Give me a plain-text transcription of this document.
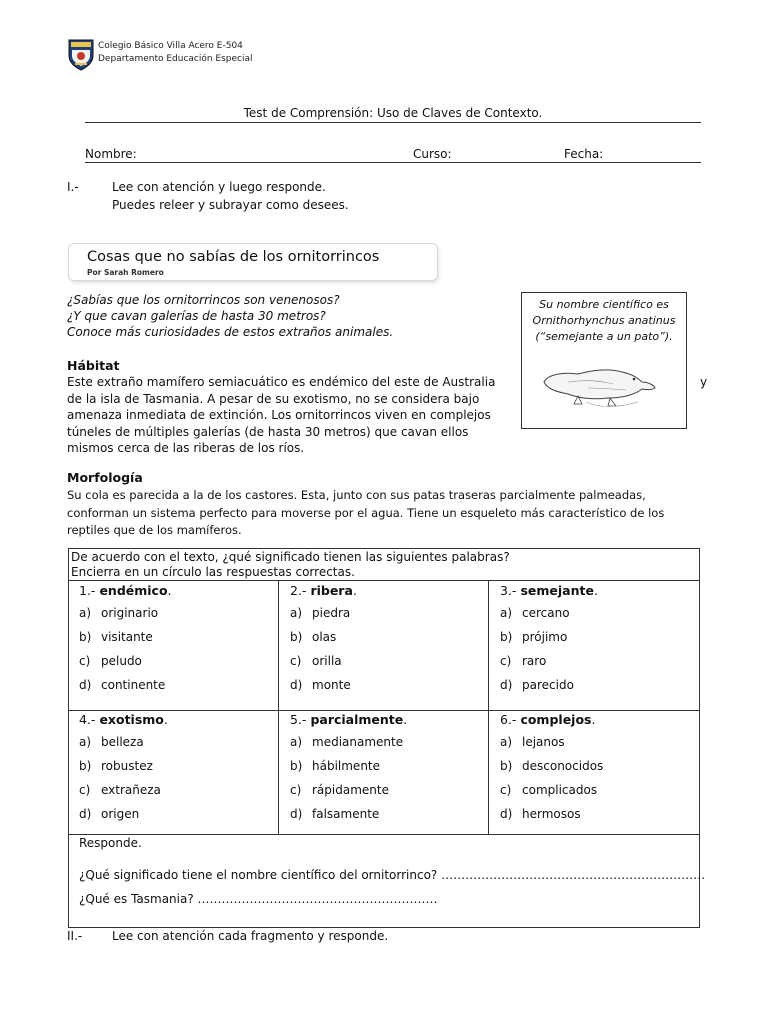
Colegio Básico Villa Acero E-504
Departamento Educación Especial
Test de Comprensión: Uso de Claves de Contexto.
Nombre:	Curso:	Fecha:
I.-	Lee con atención y luego responde.
Puedes releer y subrayar como desees.
Cosas que no sabías de los ornitorrincos
Por Sarah Romero
¿Sabías que los ornitorrincos son venenosos?
¿Y que cavan galerías de hasta 30 metros?
Conoce más curiosidades de estos extraños animales.
Su nombre científico es
Ornithorhynchus anatinus
(“semejante a un pato”).
y
Hábitat
Este extraño mamífero semiacuático es endémico del este de Australia
de la isla de Tasmania. A pesar de su exotismo, no se considera bajo
amenaza inmediata de extinción. Los ornitorrincos viven en complejos
túneles de múltiples galerías (de hasta 30 metros) que cavan ellos
mismos cerca de las riberas de los ríos.
Morfología
Su cola es parecida a la de los castores. Esta, junto con sus patas traseras parcialmente palmeadas,
conforman un sistema perfecto para moverse por el agua. Tiene un esqueleto más característico de los
reptiles que de los mamíferos.
De acuerdo con el texto, ¿qué significado tienen las siguientes palabras?
Encierra en un círculo las respuestas correctas.
1.- endémico.
a) originario
b) visitante
c) peludo
d) continente
2.- ribera.
a) piedra
b) olas
c) orilla
d) monte
3.- semejante.
a) cercano
b) prójimo
c) raro
d) parecido
4.- exotismo.
a) belleza
b) robustez
c) extrañeza
d) origen
5.- parcialmente.
a) medianamente
b) hábilmente
c) rápidamente
d) falsamente
6.- complejos.
a) lejanos
b) desconocidos
c) complicados
d) hermosos
Responde.
¿Qué significado tiene el nombre científico del ornitorrinco? …………………………………………………………
¿Qué es Tasmania? ……………………………………………………
II.- Lee con atención cada fragmento y responde.
